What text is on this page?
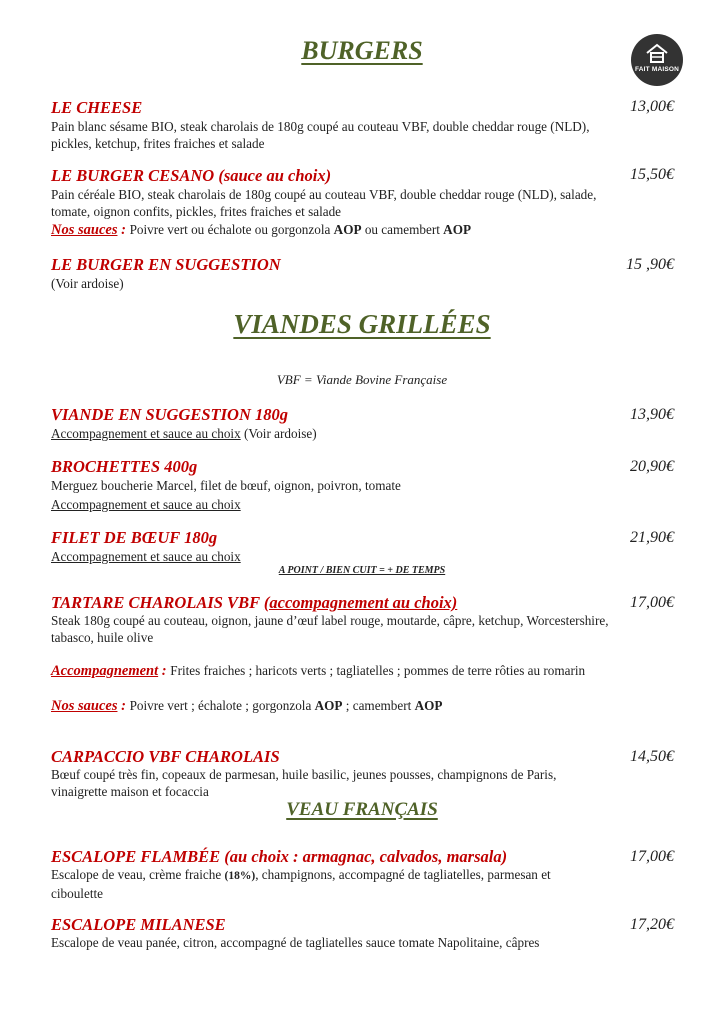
FAIT MAISON
BURGERS
LE CHEESE	13,00€
Pain blanc sésame BIO, steak charolais de 180g coupé au couteau VBF, double cheddar rouge (NLD), pickles, ketchup, frites fraiches et salade
LE BURGER CESANO (sauce au choix)	15,50€
Pain céréale BIO, steak charolais de 180g coupé au couteau VBF, double cheddar rouge (NLD), salade, tomate, oignon confits, pickles, frites fraiches et salade
Nos sauces : Poivre vert ou échalote ou gorgonzola AOP ou camembert AOP
LE BURGER EN SUGGESTION	15 ,90€
(Voir ardoise)
VIANDES GRILLÉES
VBF = Viande Bovine Française
VIANDE EN SUGGESTION 180g	13,90€
Accompagnement et sauce au choix (Voir ardoise)
BROCHETTES 400g	20,90€
Merguez boucherie Marcel, filet de bœuf, oignon, poivron, tomate
Accompagnement et sauce au choix
FILET DE BŒUF 180g	21,90€
Accompagnement et sauce au choix
A POINT / BIEN CUIT = + DE TEMPS
TARTARE CHAROLAIS VBF (accompagnement au choix)	17,00€
Steak 180g coupé au couteau, oignon, jaune d’œuf label rouge, moutarde, câpre, ketchup, Worcestershire, tabasco, huile olive
Accompagnement : Frites fraiches ; haricots verts ; tagliatelles ; pommes de terre rôties au romarin
Nos sauces : Poivre vert ; échalote ; gorgonzola AOP ; camembert AOP
CARPACCIO VBF CHAROLAIS	14,50€
Bœuf coupé très fin, copeaux de parmesan, huile basilic, jeunes pousses, champignons de Paris, vinaigrette maison et focaccia
VEAU FRANÇAIS
ESCALOPE FLAMBÉE (au choix : armagnac, calvados, marsala)	17,00€
Escalope de veau, crème fraiche (18%), champignons, accompagné de tagliatelles, parmesan et ciboulette
ESCALOPE MILANESE	17,20€
Escalope de veau panée, citron, accompagné de tagliatelles sauce tomate Napolitaine, câpres
